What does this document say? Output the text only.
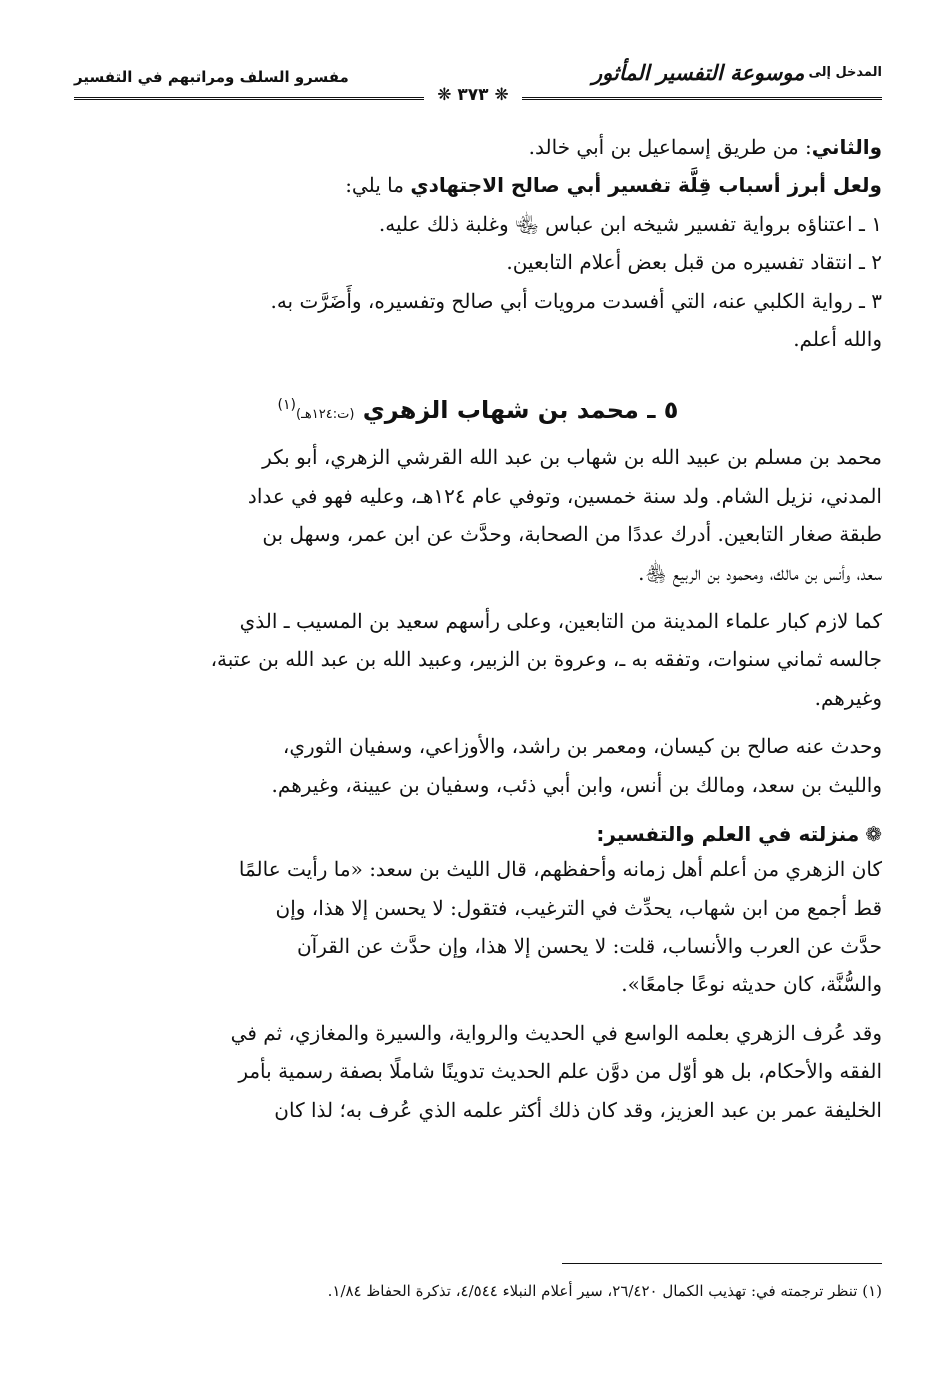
مفسرو السلف ومراتبهم في التفسير	المدخل إلى
موسوعة التفسير المأثور
❋ ٣٧٣ ❋

والثاني: من طريق إسماعيل بن أبي خالد.

ولعل أبرز أسباب قِلَّة تفسير أبي صالح الاجتهادي ما يلي:

١ ـ اعتناؤه برواية تفسير شيخه ابن عباس ﵄ وغلبة ذلك عليه.

٢ ـ انتقاد تفسيره من قبل بعض أعلام التابعين.

٣ ـ رواية الكلبي عنه، التي أفسدت مرويات أبي صالح وتفسيره، وأَضَرَّت به.

والله أعلم.

٥ ـ محمد بن شهاب الزهري (ت:١٢٤هـ)$^{(١)}$

محمد بن مسلم بن عبيد الله بن شهاب بن عبد الله القرشي الزهري، أبو بكر

المدني، نزيل الشام. ولد سنة خمسين، وتوفي عام ١٢٤هـ، وعليه فهو في عداد

طبقة صغار التابعين. أدرك عددًا من الصحابة، وحدَّث عن ابن عمر، وسهل بن

سعد، وأنس بن مالك، ومحمود بن الربيع ﵃.

كما لازم كبار علماء المدينة من التابعين، وعلى رأسهم سعيد بن المسيب ـ الذي

جالسه ثماني سنوات، وتفقه به ـ، وعروة بن الزبير، وعبيد الله بن عبد الله بن عتبة،

وغيرهم.

وحدث عنه صالح بن كيسان، ومعمر بن راشد، والأوزاعي، وسفيان الثوري،

والليث بن سعد، ومالك بن أنس، وابن أبي ذئب، وسفيان بن عيينة، وغيرهم.

❁منزلته في العلم والتفسير:

كان الزهري من أعلم أهل زمانه وأحفظهم، قال الليث بن سعد: «ما رأيت عالمًا

قط أجمع من ابن شهاب، يحدِّث في الترغيب، فتقول: لا يحسن إلا هذا، وإن

حدَّث عن العرب والأنساب، قلت: لا يحسن إلا هذا، وإن حدَّث عن القرآن

والسُّنَّة، كان حديثه نوعًا جامعًا».

وقد عُرف الزهري بعلمه الواسع في الحديث والرواية، والسيرة والمغازي، ثم في

الفقه والأحكام، بل هو أوّل من دوَّن علم الحديث تدوينًا شاملًا بصفة رسمية بأمر

الخليفة عمر بن عبد العزيز، وقد كان ذلك أكثر علمه الذي عُرف به؛ لذا كان

(١) تنظر ترجمته في: تهذيب الكمال ٢٦/٤٢٠، سير أعلام النبلاء ٤/٥٤٤، تذكرة الحفاظ ١/٨٤.
